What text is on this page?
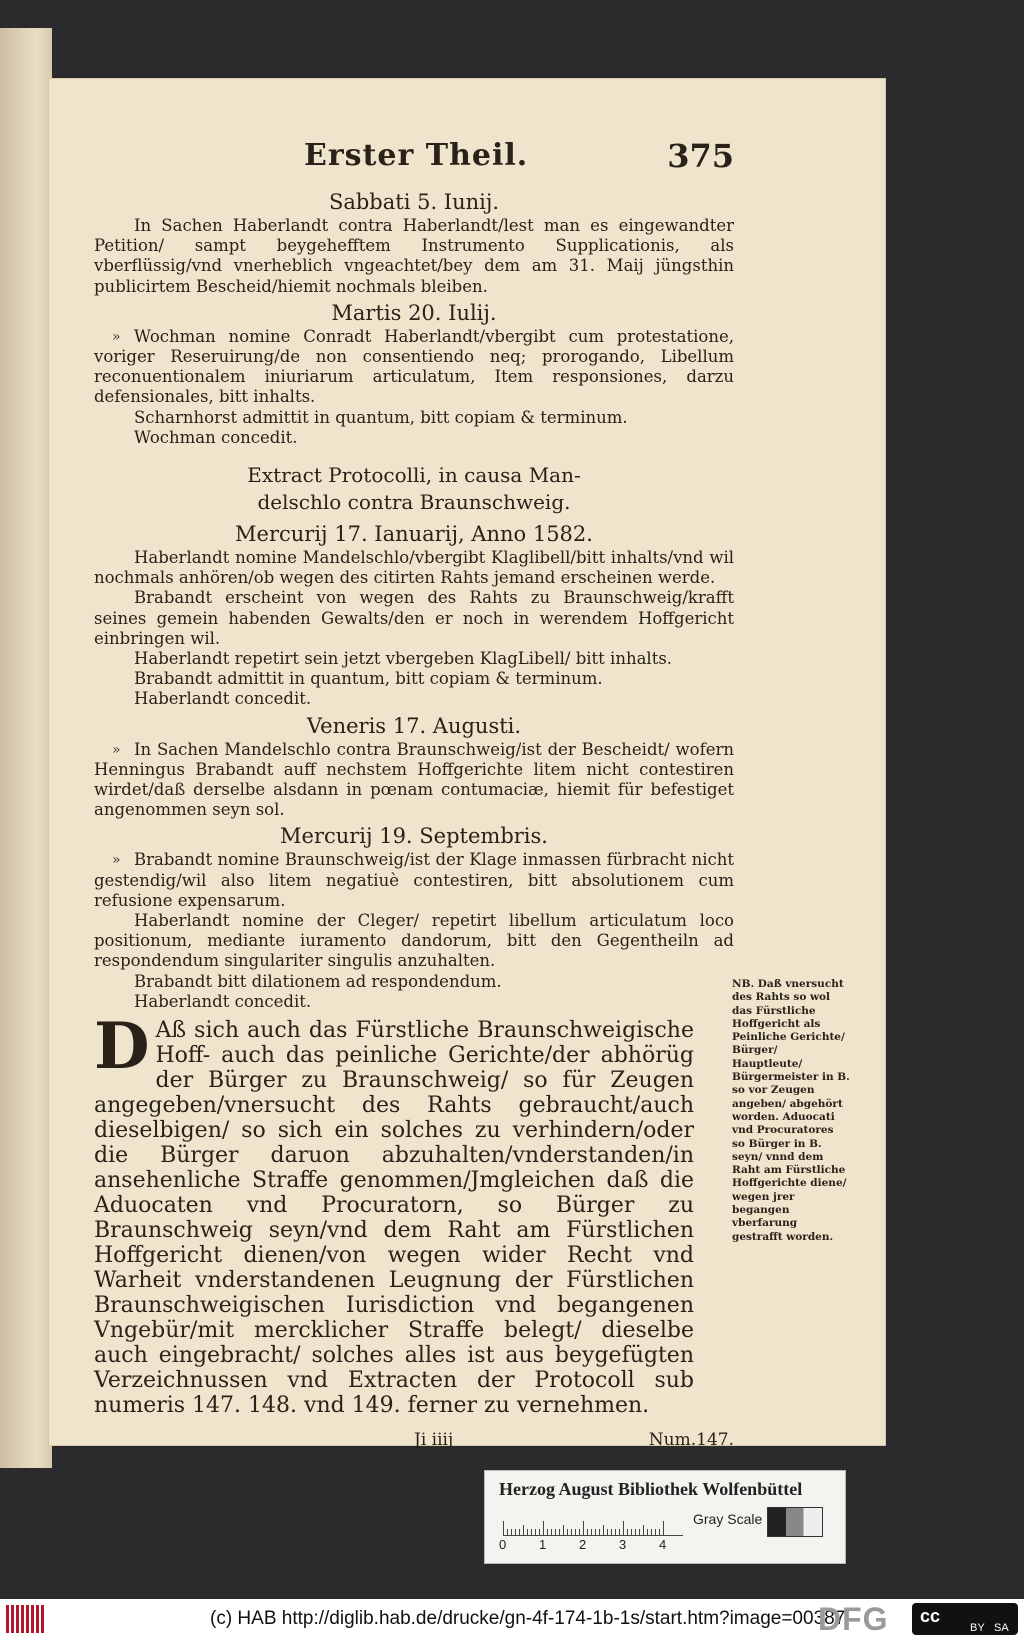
Erster Theil.	375
Sabbati 5. Iunij.

In Sachen Haberlandt contra Haberlandt/lest man es eingewandter Petition/ sampt beygehefftem Instrumento Supplicationis, als vberflüssig/vnd vnerheblich vngeachtet/bey dem am 31. Maij jüngsthin publicirtem Bescheid/hiemit nochmals bleiben.

Martis 20. Iulij.

» Wochman nomine Conradt Haberlandt/vbergibt cum protestatione, voriger Reseruirung/de non consentiendo neq; prorogando, Libellum reconuentionalem iniuriarum articulatum, Item responsiones, darzu defensionales, bitt inhalts.

Scharnhorst admittit in quantum, bitt copiam & terminum.

Wochman concedit.

Extract Protocolli, in causa Man-
delschlo contra Braunschweig.
Mercurij 17. Ianuarij, Anno 1582.

Haberlandt nomine Mandelschlo/vbergibt Klaglibell/bitt inhalts/vnd wil nochmals anhören/ob wegen des citirten Rahts jemand erscheinen werde.

Brabandt erscheint von wegen des Rahts zu Braunschweig/krafft seines gemein habenden Gewalts/den er noch in werendem Hoffgericht einbringen wil.

Haberlandt repetirt sein jetzt vbergeben KlagLibell/ bitt inhalts.

Brabandt admittit in quantum, bitt copiam & terminum.

Haberlandt concedit.

Veneris 17. Augusti.

» In Sachen Mandelschlo contra Braunschweig/ist der Bescheidt/ wofern Henningus Brabandt auff nechstem Hoffgerichte litem nicht contestiren wirdet/daß derselbe alsdann in pœnam contumaciæ, hiemit für befestiget angenommen seyn sol.

Mercurij 19. Septembris.

» Brabandt nomine Braunschweig/ist der Klage inmassen fürbracht nicht gestendig/wil also litem negatiuè contestiren, bitt absolutionem cum refusione expensarum.

Haberlandt nomine der Cleger/ repetirt libellum articulatum loco positionum, mediante iuramento dandorum, bitt den Gegentheiln ad respondendum singulariter singulis anzuhalten.

Brabandt bitt dilationem ad respondendum.

Haberlandt concedit.

D Aß sich auch das Fürstliche Braunschweigische Hoff- auch das peinliche Gerichte/der abhörüg der Bürger zu Braunschweig/ so für Zeugen angegeben/vnersucht des Rahts gebraucht/auch dieselbigen/ so sich ein solches zu verhindern/oder die Bürger daruon abzuhalten/vnderstanden/in ansehenliche Straffe genommen/Jmgleichen daß die Aduocaten vnd Procuratorn, so Bürger zu Braunschweig seyn/vnd dem Raht am Fürstlichen Hoffgericht dienen/von wegen wider Recht vnd Warheit vnderstandenen Leugnung der Fürstlichen Braunschweigischen Iurisdiction vnd begangenen Vngebür/mit mercklicher Straffe belegt/ dieselbe auch eingebracht/ solches alles ist aus beygefügten Verzeichnussen vnd Extracten der Protocoll sub numeris 147. 148. vnd 149. ferner zu vernehmen.
Ji iiij	Num.147.
NB. Daß vnersucht des Rahts so wol das Fürstliche Hoffgericht als Peinliche Gerichte/ Bürger/ Hauptleute/ Bürgermeister in B. so vor Zeugen angeben/ abgehört worden. Aduocati vnd Procuratores so Bürger in B. seyn/ vnnd dem Raht am Fürstliche Hoffgerichte diene/ wegen jrer begangen vberfarung gestrafft worden.
Herzog August Bibliothek Wolfenbüttel
0	1	2	3	4
Gray Scale
(c) HAB http://diglib.hab.de/drucke/gn-4f-174-1b-1s/start.htm?image=00387
DFG cc
BY SA
